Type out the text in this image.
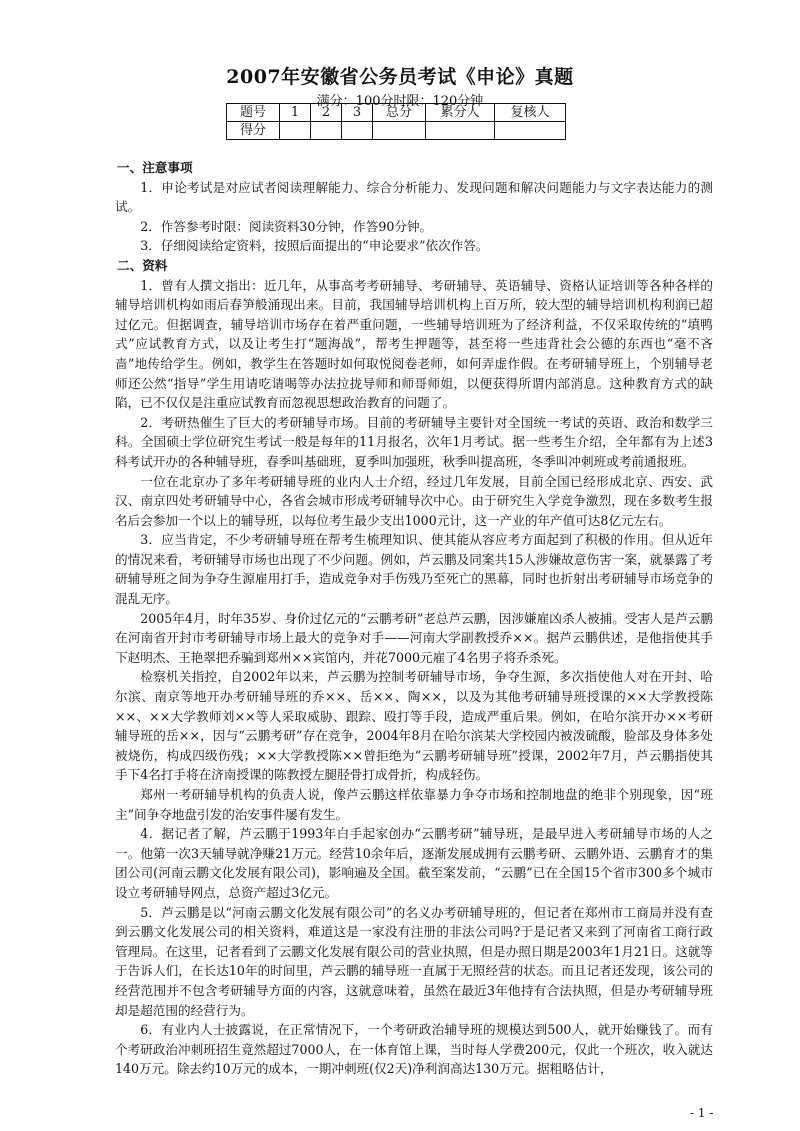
2007年安徽省公务员考试《申论》真题
满分：100分时限：120分钟
题号	1	2	3	总分	累分人	复核人
得分						

一、注意事项

1．申论考试是对应试者阅读理解能力、综合分析能力、发现问题和解决问题能力与文字表达能力的测试。

2．作答参考时限：阅读资料30分钟，作答90分钟。

3．仔细阅读给定资料，按照后面提出的“申论要求”依次作答。

二、资料

1．曾有人撰文指出：近几年，从事高考考研辅导、考研辅导、英语辅导、资格认证培训等各种各样的辅导培训机构如雨后春笋般涌现出来。目前，我国辅导培训机构上百万所，较大型的辅导培训机构利润已超过亿元。但据调查，辅导培训市场存在着严重问题，一些辅导培训班为了经济利益，不仅采取传统的“填鸭式”应试教育方式，以及让考生打“题海战”，帮考生押题等，甚至将一些违背社会公德的东西也“毫不吝啬”地传给学生。例如，教学生在答题时如何取悦阅卷老师，如何弄虚作假。在考研辅导班上，个别辅导老师还公然“指导”学生用请吃请喝等办法拉拢导师和师哥师姐，以便获得所谓内部消息。这种教育方式的缺陷，已不仅仅是注重应试教育而忽视思想政治教育的问题了。

2．考研热催生了巨大的考研辅导市场。目前的考研辅导主要针对全国统一考试的英语、政治和数学三科。全国硕士学位研究生考试一般是每年的11月报名，次年1月考试。据一些考生介绍，全年都有为上述3科考试开办的各种辅导班，春季叫基础班，夏季叫加强班，秋季叫提高班，冬季叫冲刺班或考前通报班。

一位在北京办了多年考研辅导班的业内人士介绍，经过几年发展，目前全国已经形成北京、西安、武汉、南京四处考研辅导中心，各省会城市形成考研辅导次中心。由于研究生入学竞争激烈，现在多数考生报名后会参加一个以上的辅导班，以每位考生最少支出1000元计，这一产业的年产值可达8亿元左右。

3．应当肯定，不少考研辅导班在帮考生梳理知识、使其能从容应考方面起到了积极的作用。但从近年的情况来看，考研辅导市场也出现了不少问题。例如，芦云鹏及同案共15人涉嫌故意伤害一案，就暴露了考研辅导班之间为争夺生源雇用打手，造成竞争对手伤残乃至死亡的黑幕，同时也折射出考研辅导市场竞争的混乱无序。

2005年4月，时年35岁、身价过亿元的“云鹏考研”老总芦云鹏，因涉嫌雇凶杀人被捕。受害人是芦云鹏在河南省开封市考研辅导市场上最大的竞争对手——河南大学副教授乔××。据芦云鹏供述，是他指使其手下赵明杰、王艳翠把乔骗到郑州××宾馆内，并花7000元雇了4名男子将乔杀死。

检察机关指控，自2002年以来，芦云鹏为控制考研辅导市场，争夺生源，多次指使他人对在开封、哈尔滨、南京等地开办考研辅导班的乔××、岳××、陶××，以及为其他考研辅导班授课的××大学教授陈××、××大学教师刘××等人采取威胁、跟踪、殴打等手段，造成严重后果。例如，在哈尔滨开办××考研辅导班的岳××，因与“云鹏考研”存在竞争，2004年8月在哈尔滨某大学校园内被泼硫酸，脸部及身体多处被烧伤，构成四级伤残；××大学教授陈××曾拒绝为“云鹏考研辅导班”授课，2002年7月，芦云鹏指使其手下4名打手将在济南授课的陈教授左腿胫骨打成骨折，构成轻伤。

郑州一考研辅导机构的负责人说，像芦云鹏这样依靠暴力争夺市场和控制地盘的绝非个别现象，因“班主”间争夺地盘引发的治安事件屡有发生。

4．据记者了解，芦云鹏于1993年白手起家创办“云鹏考研”辅导班，是最早进入考研辅导市场的人之一。他第一次3天辅导就净赚21万元。经营10余年后，逐渐发展成拥有云鹏考研、云鹏外语、云鹏育才的集团公司(河南云鹏文化发展有限公司)，影响遍及全国。截至案发前，“云鹏”已在全国15个省市300多个城市设立考研辅导网点，总资产超过3亿元。

5．芦云鹏是以“河南云鹏文化发展有限公司”的名义办考研辅导班的，但记者在郑州市工商局并没有查到云鹏文化发展公司的相关资料，难道这是一家没有注册的非法公司吗?于是记者又来到了河南省工商行政管理局。在这里，记者看到了云鹏文化发展有限公司的营业执照，但是办照日期是2003年1月21日。这就等于告诉人们，在长达10年的时间里，芦云鹏的辅导班一直属于无照经营的状态。而且记者还发现，该公司的经营范围并不包含考研辅导方面的内容，这就意味着，虽然在最近3年他持有合法执照，但是办考研辅导班却是超范围的经营行为。

6．有业内人士披露说，在正常情况下，一个考研政治辅导班的规模达到500人，就开始赚钱了。而有个考研政治冲刺班招生竟然超过7000人，在一体育馆上课，当时每人学费200元，仅此一个班次，收入就达140万元。除去约10万元的成本，一期冲刺班(仅2天)净利润高达130万元。据粗略估计，

- 1 -
